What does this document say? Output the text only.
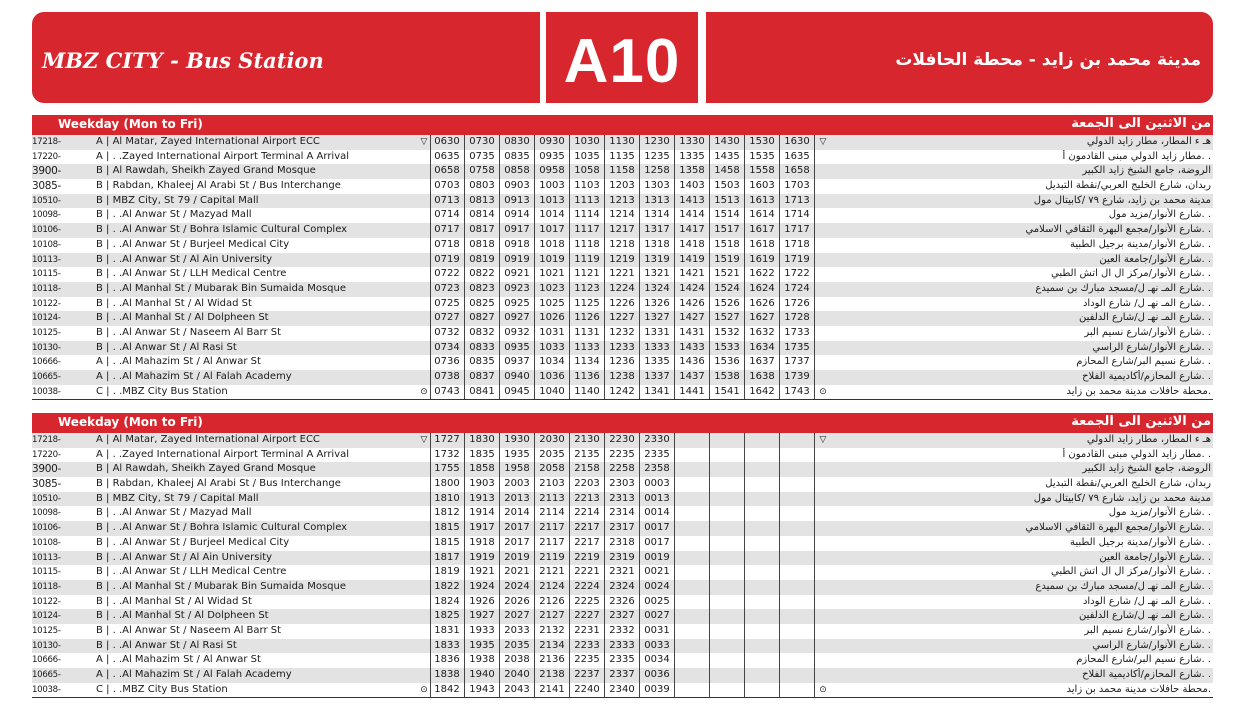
MBZ CITY - Bus Station	A10	مدينة محمد بن زايد - محطة الحافلات
Weekday (Mon to Fri)	من الاثنين الى الجمعة
17218-	A | Al Matar, Zayed International Airport ECC	▽ 0630 0730 0830 0930 1030 1130 1230 1330 1430 1530 1630	▽	هـ ء المطار، مطار زايد الدولي
17220-	A | . .Zayed International Airport Terminal A Arrival	0635 0735 0835 0935 1035 1135 1235 1335 1435 1535 1635	. .مطار زايد الدولي مبنى القادمون أ
3900-	B | Al Rawdah, Sheikh Zayed Grand Mosque	0658 0758 0858 0958 1058 1158 1258 1358 1458 1558 1658	الروضة، جامع الشيخ زايد الكبير
3085-	B | Rabdan, Khaleej Al Arabi St / Bus Interchange	0703 0803 0903 1003 1103 1203 1303 1403 1503 1603 1703	ربدان، شارع الخليج العربي/نقطة التبديل
10510-	B | MBZ City, St 79 / Capital Mall	0713 0813 0913 1013 1113 1213 1313 1413 1513 1613 1713	مدينة محمد بن زايد، شارع ٧٩ /كابيتال مول
10098-	B | . .Al Anwar St / Mazyad Mall	0714 0814 0914 1014 1114 1214 1314 1414 1514 1614 1714	. .شارع الأنوار/مزيد مول
10106-	B | . .Al Anwar St / Bohra Islamic Cultural Complex	0717 0817 0917 1017 1117 1217 1317 1417 1517 1617 1717	. .شارع الأنوار/مجمع البهرة الثقافي الاسلامي
10108-	B | . .Al Anwar St / Burjeel Medical City	0718 0818 0918 1018 1118 1218 1318 1418 1518 1618 1718	. .شارع الأنوار/مدينة برجيل الطبية
10113-	B | . .Al Anwar St / Al Ain University	0719 0819 0919 1019 1119 1219 1319 1419 1519 1619 1719	. .شارع الأنوار/جامعة العين
10115-	B | . .Al Anwar St / LLH Medical Centre	0722 0822 0921 1021 1121 1221 1321 1421 1521 1622 1722	. .شارع الأنوار/مركز ال ال اتش الطبي
10118-	B | . .Al Manhal St / Mubarak Bin Sumaida Mosque	0723 0823 0923 1023 1123 1224 1324 1424 1524 1624 1724	. .شارع المـ نهـ ل/مسجد مبارك بن سميدع
10122-	B | . .Al Manhal St / Al Widad St	0725 0825 0925 1025 1125 1226 1326 1426 1526 1626 1726	. .شارع المـ نهـ ل/ شارع الوداد
10124-	B | . .Al Manhal St / Al Dolpheen St	0727 0827 0927 1026 1126 1227 1327 1427 1527 1627 1728	. .شارع المـ نهـ ل/شارع الدلفين
10125-	B | . .Al Anwar St / Naseem Al Barr St	0732 0832 0932 1031 1131 1232 1331 1431 1532 1632 1733	. .شارع الأنوار/شارع نسيم البر
10130-	B | . .Al Anwar St / Al Rasi St	0734 0833 0935 1033 1133 1233 1333 1433 1533 1634 1735	. .شارع الأنوار/شارع الراسي
10666-	A | . .Al Mahazim St / Al Anwar St	0736 0835 0937 1034 1134 1236 1335 1436 1536 1637 1737	. .شارع نسيم البر/شارع المحازم
10665-	A | . .Al Mahazim St / Al Falah Academy	0738 0837 0940 1036 1136 1238 1337 1437 1538 1638 1739	. .شارع المحازم/أكاديمية الفلاح
10038-	C | . .MBZ City Bus Station	⊙ 0743 0841 0945 1040 1140 1242 1341 1441 1541 1642 1743	⊙	.محطة حافلات مدينة محمد بن زايد
Weekday (Mon to Fri)	من الاثنين الى الجمعة
17218-	A | Al Matar, Zayed International Airport ECC	▽ 1727 1830 1930 2030 2130 2230 2330	▽	هـ ء المطار، مطار زايد الدولي
17220-	A | . .Zayed International Airport Terminal A Arrival	1732 1835 1935 2035 2135 2235 2335	. .مطار زايد الدولي مبنى القادمون أ
3900-	B | Al Rawdah, Sheikh Zayed Grand Mosque	1755 1858 1958 2058 2158 2258 2358	الروضة، جامع الشيخ زايد الكبير
3085-	B | Rabdan, Khaleej Al Arabi St / Bus Interchange	1800 1903 2003 2103 2203 2303 0003	ربدان، شارع الخليج العربي/نقطة التبديل
10510-	B | MBZ City, St 79 / Capital Mall	1810 1913 2013 2113 2213 2313 0013	مدينة محمد بن زايد، شارع ٧٩ /كابيتال مول
10098-	B | . .Al Anwar St / Mazyad Mall	1812 1914 2014 2114 2214 2314 0014	. .شارع الأنوار/مزيد مول
10106-	B | . .Al Anwar St / Bohra Islamic Cultural Complex	1815 1917 2017 2117 2217 2317 0017	. .شارع الأنوار/مجمع البهرة الثقافي الاسلامي
10108-	B | . .Al Anwar St / Burjeel Medical City	1815 1918 2017 2117 2217 2318 0017	. .شارع الأنوار/مدينة برجيل الطبية
10113-	B | . .Al Anwar St / Al Ain University	1817 1919 2019 2119 2219 2319 0019	. .شارع الأنوار/جامعة العين
10115-	B | . .Al Anwar St / LLH Medical Centre	1819 1921 2021 2121 2221 2321 0021	. .شارع الأنوار/مركز ال ال اتش الطبي
10118-	B | . .Al Manhal St / Mubarak Bin Sumaida Mosque	1822 1924 2024 2124 2224 2324 0024	. .شارع المـ نهـ ل/مسجد مبارك بن سميدع
10122-	B | . .Al Manhal St / Al Widad St	1824 1926 2026 2126 2225 2326 0025	. .شارع المـ نهـ ل/ شارع الوداد
10124-	B | . .Al Manhal St / Al Dolpheen St	1825 1927 2027 2127 2227 2327 0027	. .شارع المـ نهـ ل/شارع الدلفين
10125-	B | . .Al Anwar St / Naseem Al Barr St	1831 1933 2033 2132 2231 2332 0031	. .شارع الأنوار/شارع نسيم البر
10130-	B | . .Al Anwar St / Al Rasi St	1833 1935 2035 2134 2233 2333 0033	. .شارع الأنوار/شارع الراسي
10666-	A | . .Al Mahazim St / Al Anwar St	1836 1938 2038 2136 2235 2335 0034	. .شارع نسيم البر/شارع المحازم
10665-	A | . .Al Mahazim St / Al Falah Academy	1838 1940 2040 2138 2237 2337 0036	. .شارع المحازم/أكاديمية الفلاح
10038-	C | . .MBZ City Bus Station	⊙ 1842 1943 2043 2141 2240 2340 0039	⊙	.محطة حافلات مدينة محمد بن زايد
